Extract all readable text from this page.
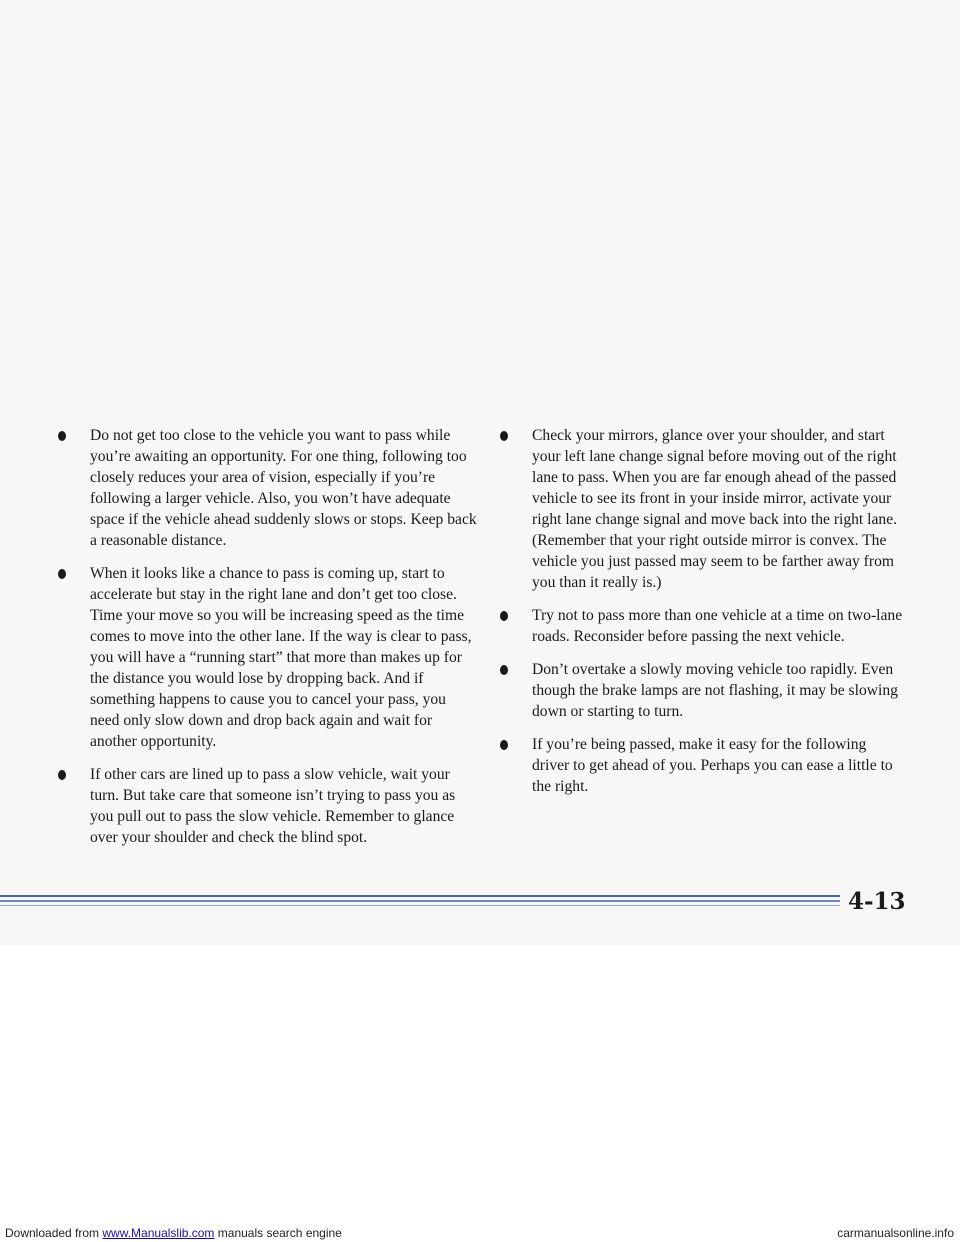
Do not get too close to the vehicle you want to pass while you’re awaiting an opportunity. For one thing, following too closely reduces your area of vision, especially if you’re following a larger vehicle. Also, you won’t have adequate space if the vehicle ahead suddenly slows or stops. Keep back a reasonable distance.
When it looks like a chance to pass is coming up, start to accelerate but stay in the right lane and don’t get too close. Time your move so you will be increasing speed as the time comes to move into the other lane. If the way is clear to pass, you will have a “running start” that more than makes up for the distance you would lose by dropping back. And if something happens to cause you to cancel your pass, you need only slow down and drop back again and wait for another opportunity.
If other cars are lined up to pass a slow vehicle, wait your turn. But take care that someone isn’t trying to pass you as you pull out to pass the slow vehicle. Remember to glance over your shoulder and check the blind spot.
Check your mirrors, glance over your shoulder, and start your left lane change signal before moving out of the right lane to pass. When you are far enough ahead of the passed vehicle to see its front in your inside mirror, activate your right lane change signal and move back into the right lane. (Remember that your right outside mirror is convex. The vehicle you just passed may seem to be farther away from you than it really is.)
Try not to pass more than one vehicle at a time on two-lane roads. Reconsider before passing the next vehicle.
Don’t overtake a slowly moving vehicle too rapidly. Even though the brake lamps are not flashing, it may be slowing down or starting to turn.
If you’re being passed, make it easy for the following driver to get ahead of you. Perhaps you can ease a little to the right.
4-13
Downloaded from www.Manualslib.com manuals search engine	carmanualsonline.info
